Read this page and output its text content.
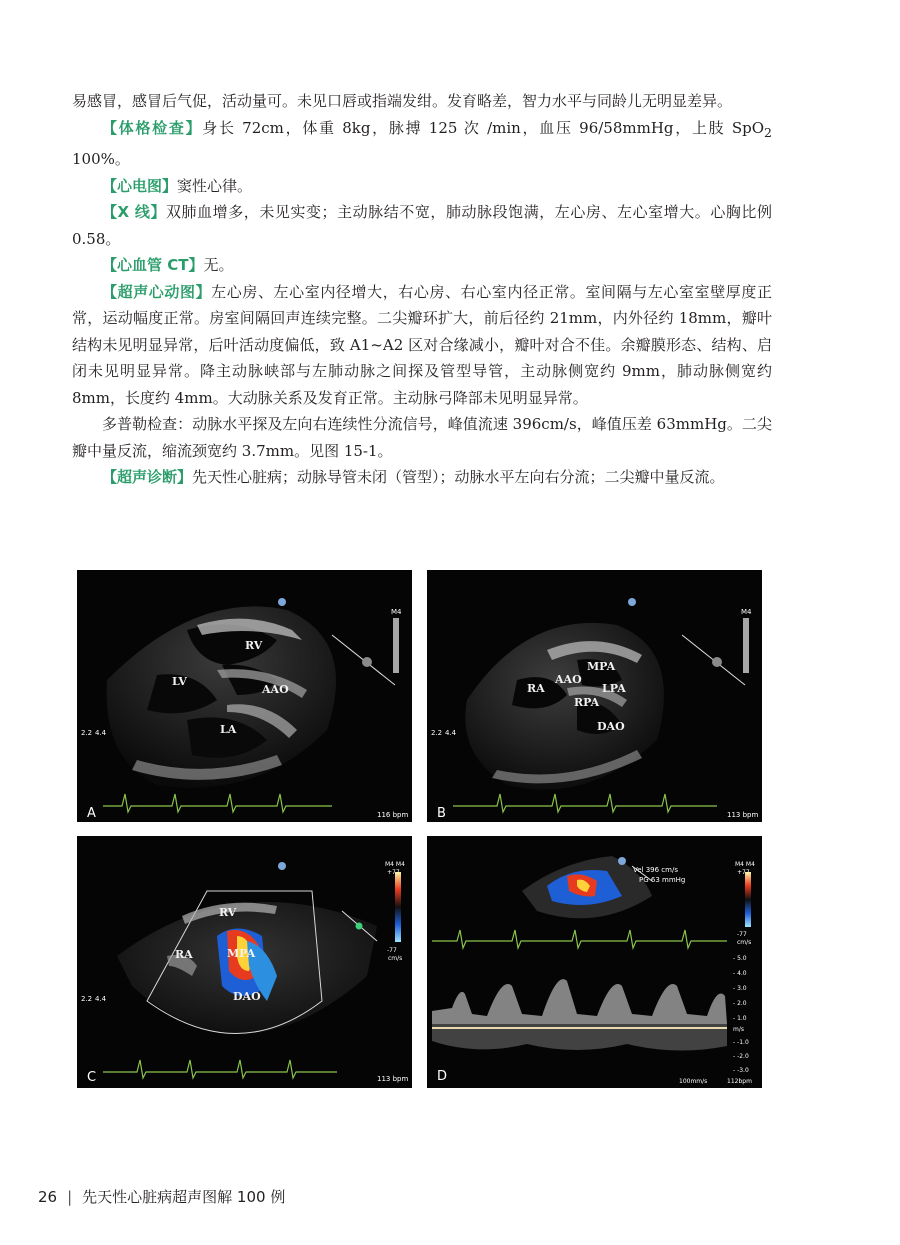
易感冒，感冒后气促，活动量可。未见口唇或指端发绀。发育略差，智力水平与同龄儿无明显差异。

【体格检查】身长 72cm，体重 8kg，脉搏 125 次 /min，血压 96/58mmHg，上肢 SpO$_2$ 100%。

【心电图】窦性心律。

【X 线】双肺血增多，未见实变；主动脉结不宽，肺动脉段饱满，左心房、左心室增大。心胸比例 0.58。

【心血管 CT】无。

【超声心动图】左心房、左心室内径增大，右心房、右心室内径正常。室间隔与左心室室壁厚度正常，运动幅度正常。房室间隔回声连续完整。二尖瓣环扩大，前后径约 21mm，内外径约 18mm，瓣叶结构未见明显异常，后叶活动度偏低，致 A1~A2 区对合缘减小，瓣叶对合不佳。余瓣膜形态、结构、启闭未见明显异常。降主动脉峡部与左肺动脉之间探及管型导管，主动脉侧宽约 9mm，肺动脉侧宽约 8mm，长度约 4mm。大动脉关系及发育正常。主动脉弓降部未见明显异常。

多普勒检查：动脉水平探及左向右连续性分流信号，峰值流速 396cm/s，峰值压差 63mmHg。二尖瓣中量反流，缩流颈宽约 3.7mm。见图 15-1。

【超声诊断】先天性心脏病；动脉导管未闭（管型）；动脉水平左向右分流；二尖瓣中量反流。

RV
LV
AAO
LA
M4
2.2 4.4
A	116 bpm
MPA
AAO
RA	LPA
RPA
DAO
M4
2.2 4.4
B	113 bpm
RV
RA	MPA
DAO
M4 M4
+77
-77
cm/s
2.2 4.4
C	113 bpm
Vel 396 cm/s
PG 63 mmHg
M4 M4
+77
-77
cm/s
- 5.0
- 4.0
- 3.0
- 2.0
- 1.0
m/s
- -1.0
- -2.0
- -3.0
D	100mm/s	112bpm
26 | 先天性心脏病超声图解 100 例
